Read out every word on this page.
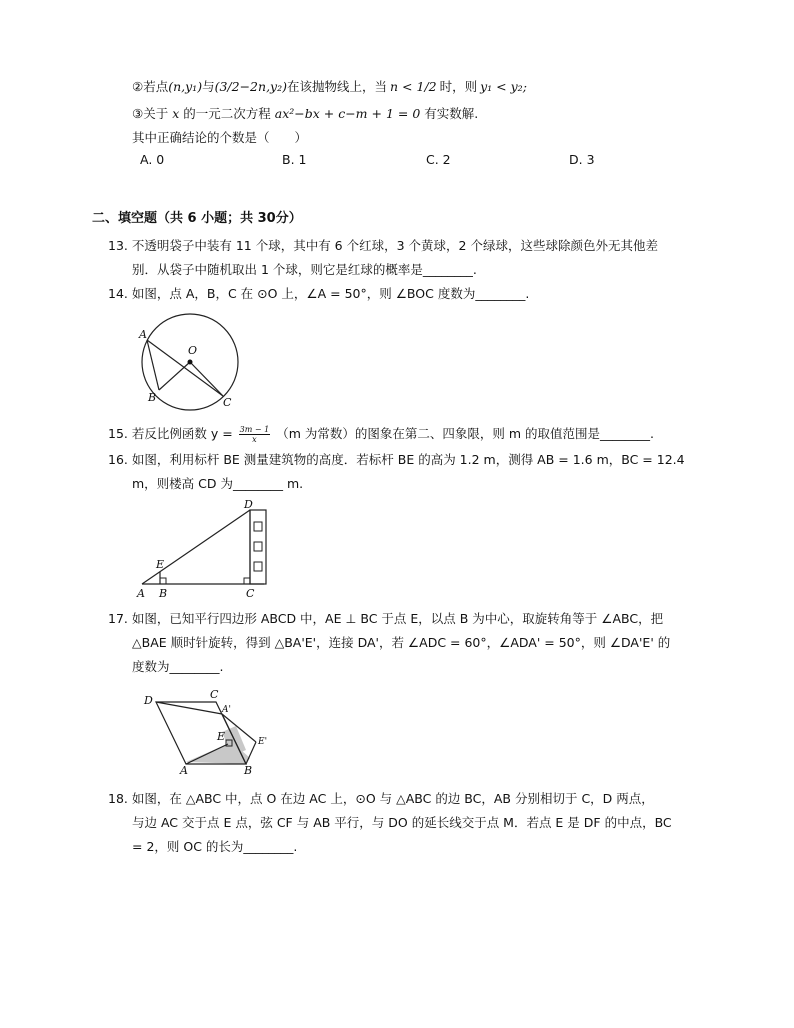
②若点(n,y₁)与(3/2−2n,y₂)在该抛物线上，当 n < 1/2 时，则 y₁ < y₂;
③关于 x 的一元二次方程 ax²−bx + c−m + 1 = 0 有实数解.
其中正确结论的个数是（　　）
A. 0	B. 1	C. 2	D. 3
二、填空题（共 6 小题；共 30分）
13. 不透明袋子中装有 11 个球，其中有 6 个红球，3 个黄球，2 个绿球，这些球除颜色外无其他差
别．从袋子中随机取出 1 个球，则它是红球的概率是________.
14. 如图，点 A，B，C 在 ⊙O 上，∠A = 50°，则 ∠BOC 度数为________.
A
O
B	C
15. 若反比例函数 $y = \frac{3m - 1}{x} (m$ 为常数）的图象在第二、四象限，则 m 的取值范围是________.
16. 如图，利用标杆 BE 测量建筑物的高度．若标杆 BE 的高为 1.2 m，测得 AB = 1.6 m，BC = 12.4
m，则楼高 CD 为________ m.
D
E
A B	C
17. 如图，已知平行四边形 ABCD 中，AE ⊥ BC 于点 E，以点 B 为中心，取旋转角等于 ∠ABC，把
△BAE 顺时针旋转，得到 △BA'E'，连接 DA'，若 ∠ADC = 60°，∠ADA' = 50°，则 ∠DA'E' 的
度数为________.
D	C
A'
E	E'
A	B
18. 如图，在 △ABC 中，点 O 在边 AC 上，⊙O 与 △ABC 的边 BC，AB 分别相切于 C，D 两点，
与边 AC 交于点 E 点，弦 CF 与 AB 平行，与 DO 的延长线交于点 M．若点 E 是 DF 的中点，BC
= 2，则 OC 的长为________.
